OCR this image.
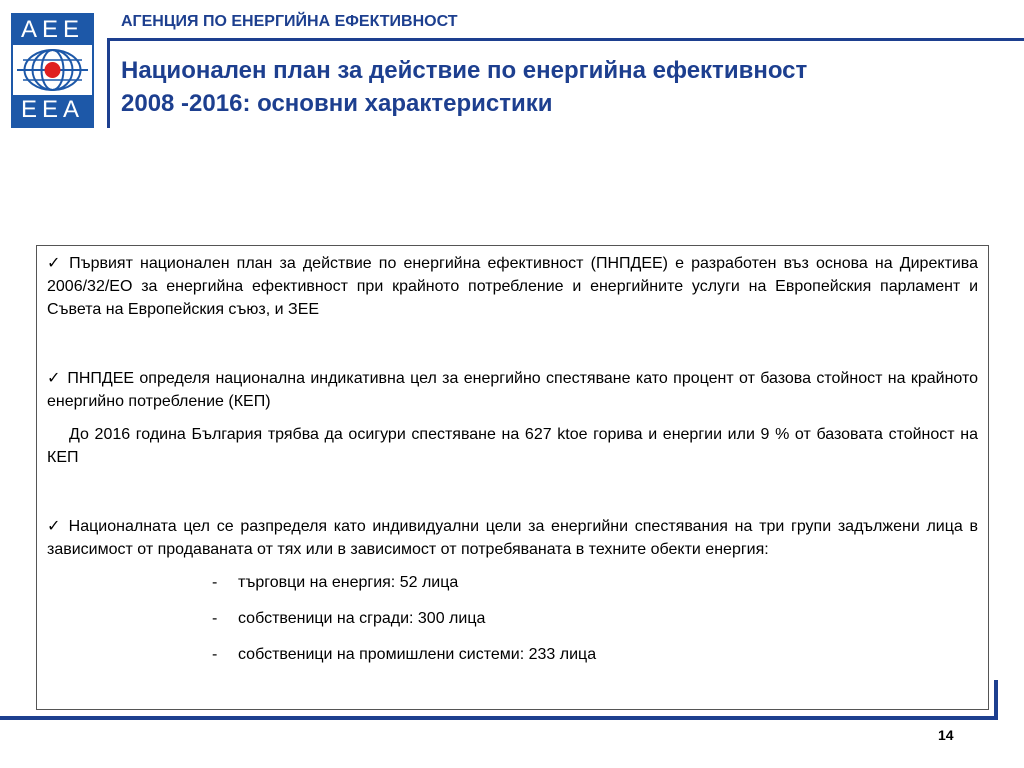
AEE
EEA
АГЕНЦИЯ ПО ЕНЕРГИЙНА ЕФЕКТИВНОСТ
Национален план за действие по енергийна ефективност
2008 -2016: основни характеристики

✓ Първият национален план за действие по енергийна ефективност (ПНПДЕЕ) е разработен въз основа на Директива 2006/32/ЕО за енергийна ефективност при крайното потребление и енергийните услуги на Европейския парламент и Съвета на Европейския съюз, и ЗЕЕ

✓ ПНПДЕЕ определя национална индикативна цел за енергийно спестяване като процент от базова стойност на крайното енергийно потребление (КЕП)

До 2016 година България трябва да осигури спестяване на 627 ktoe горива и енергии или 9 % от базовата стойност на КЕП

✓ Националната цел се разпределя като индивидуални цели за енергийни спестявания на три групи задължени лица в зависимост от продаваната от тях или в зависимост от потребяваната в техните обекти енергия:

- търговци на енергия: 52 лица
- собственици на сгради: 300 лица
- собственици на промишлени системи: 233 лица
14
